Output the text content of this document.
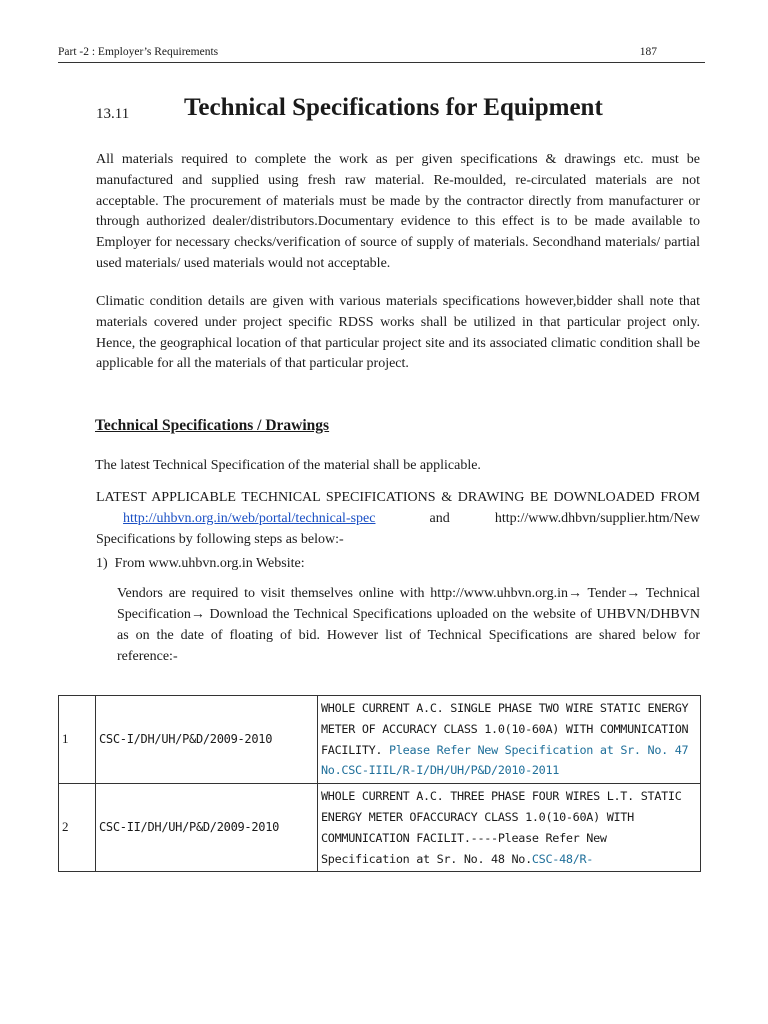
Part -2 : Employer’s Requirements	187
13.11 Technical Specifications for Equipment

All materials required to complete the work as per given specifications & drawings etc. must be manufactured and supplied using fresh raw material. Re-moulded, re-circulated materials are not acceptable. The procurement of materials must be made by the contractor directly from manufacturer or through authorized dealer/distributors.Documentary evidence to this effect is to be made available to Employer for necessary checks/verification of source of supply of materials. Secondhand materials/ partial used materials/ used materials would not acceptable.

Climatic condition details are given with various materials specifications however,bidder shall note that materials covered under project specific RDSS works shall be utilized in that particular project only. Hence, the geographical location of that particular project site and its associated climatic condition shall be applicable for all the materials of that particular project.

Technical Specifications / Drawings
The latest Technical Specification of the material shall be applicable.

LATEST APPLICABLE TECHNICAL SPECIFICATIONS & DRAWING BE DOWNLOADED FROM    http://uhbvn.org.in/web/portal/technical-spec	and	http://www.dhbvn/supplier.htm/New Specifications by following steps as below:-

1)  From www.uhbvn.org.in Website:

Vendors are required to visit themselves online with http://www.uhbvn.org.in→ Tender→ Technical Specification→ Download the Technical Specifications uploaded on the website of UHBVN/DHBVN as on the date of floating of bid. However list of Technical Specifications are shared below for reference:-

1	CSC-I/DH/UH/P&D/2009-2010	WHOLE CURRENT A.C. SINGLE PHASE TWO WIRE STATIC ENERGY METER OF ACCURACY CLASS 1.0(10-60A) WITH COMMUNICATION FACILITY. Please Refer New Specification at Sr. No. 47 No.CSC-IIIL/R-I/DH/UH/P&D/2010-2011
2	CSC-II/DH/UH/P&D/2009-2010	WHOLE CURRENT A.C. THREE PHASE FOUR WIRES L.T. STATIC ENERGY METER OFACCURACY CLASS 1.0(10-60A) WITH COMMUNICATION FACILIT.----Please Refer New Specification at Sr. No. 48 No.CSC-48/R-
